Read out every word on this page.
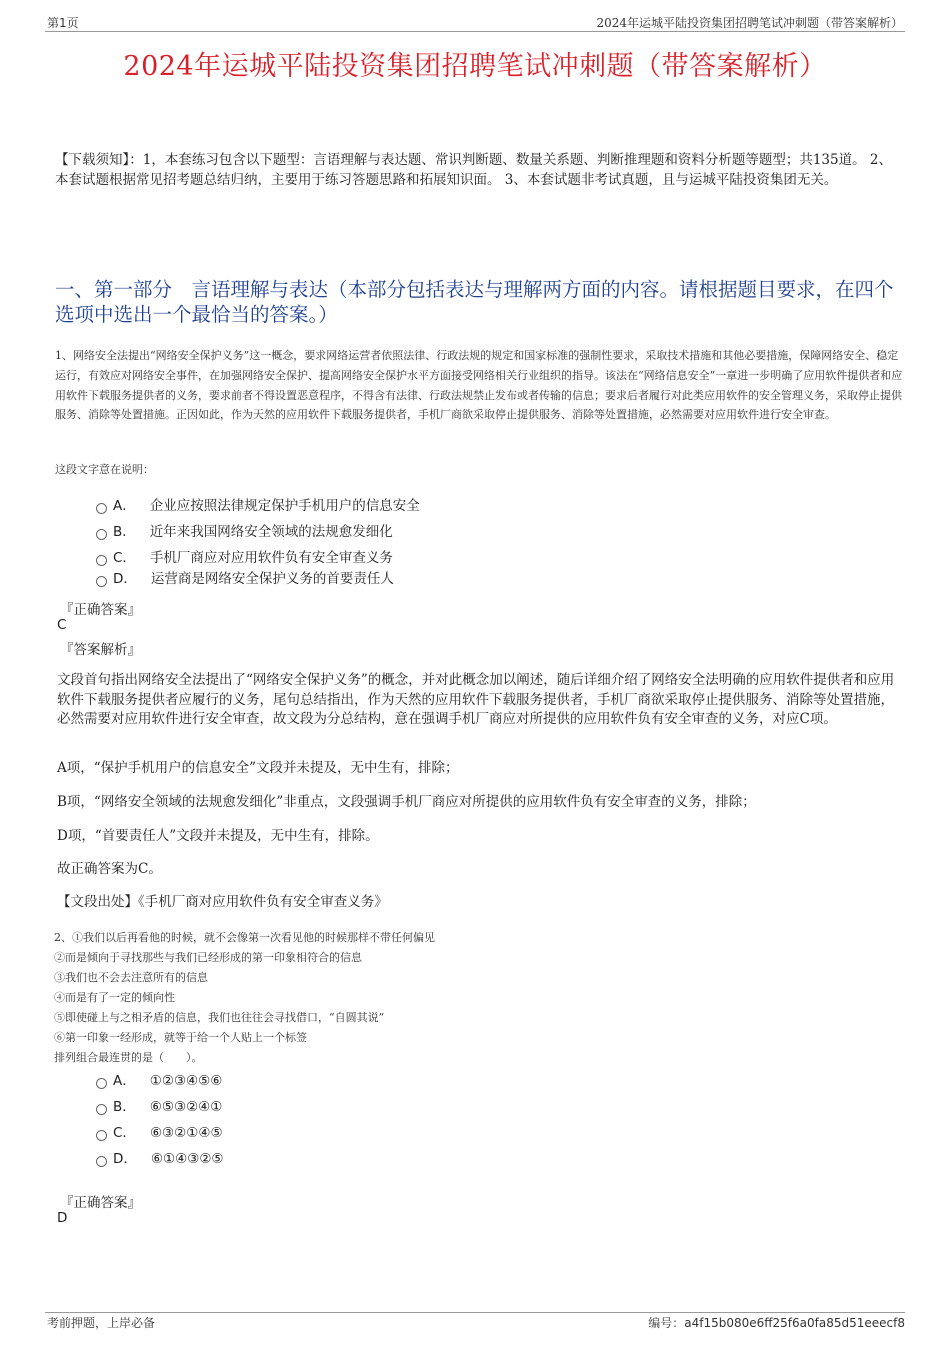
第1页	2024年运城平陆投资集团招聘笔试冲刺题（带答案解析）
2024年运城平陆投资集团招聘笔试冲刺题（带答案解析）
【下载须知】：1，本套练习包含以下题型：言语理解与表达题、常识判断题、数量关系题、判断推理题和资料分析题等题型；共135道。 2、本套试题根据常见招考题总结归纳，主要用于练习答题思路和拓展知识面。 3、本套试题非考试真题，且与运城平陆投资集团无关。
一、第一部分　言语理解与表达（本部分包括表达与理解两方面的内容。请根据题目要求，在四个选项中选出一个最恰当的答案。）
1、网络安全法提出“网络安全保护义务”这一概念，要求网络运营者依照法律、行政法规的规定和国家标准的强制性要求，采取技术措施和其他必要措施，保障网络安全、稳定运行，有效应对网络安全事件，在加强网络安全保护、提高网络安全保护水平方面接受网络相关行业组织的指导。该法在“网络信息安全”一章进一步明确了应用软件提供者和应用软件下载服务提供者的义务，要求前者不得设置恶意程序，不得含有法律、行政法规禁止发布或者传输的信息；要求后者履行对此类应用软件的安全管理义务，采取停止提供服务、消除等处置措施。正因如此，作为天然的应用软件下载服务提供者，手机厂商欲采取停止提供服务、消除等处置措施，必然需要对应用软件进行安全审查。
这段文字意在说明：
A． 企业应按照法律规定保护手机用户的信息安全
B． 近年来我国网络安全领域的法规愈发细化
C． 手机厂商应对应用软件负有安全审查义务
D． 运营商是网络安全保护义务的首要责任人
『正确答案』
C
『答案解析』
文段首句指出网络安全法提出了“网络安全保护义务”的概念，并对此概念加以阐述，随后详细介绍了网络安全法明确的应用软件提供者和应用软件下载服务提供者应履行的义务，尾句总结指出，作为天然的应用软件下载服务提供者，手机厂商欲采取停止提供服务、消除等处置措施，必然需要对应用软件进行安全审查，故文段为分总结构，意在强调手机厂商应对所提供的应用软件负有安全审查的义务，对应C项。
A项，“保护手机用户的信息安全”文段并未提及，无中生有，排除；
B项，“网络安全领域的法规愈发细化”非重点，文段强调手机厂商应对所提供的应用软件负有安全审查的义务，排除；
D项，“首要责任人”文段并未提及，无中生有，排除。
故正确答案为C。
【文段出处】《手机厂商对应用软件负有安全审查义务》
2、①我们以后再看他的时候，就不会像第一次看见他的时候那样不带任何偏见
②而是倾向于寻找那些与我们已经形成的第一印象相符合的信息
③我们也不会去注意所有的信息
④而是有了一定的倾向性
⑤即使碰上与之相矛盾的信息，我们也往往会寻找借口，“自圆其说”
⑥第一印象一经形成，就等于给一个人贴上一个标签
排列组合最连贯的是（　　）。
A． ①②③④⑤⑥
B． ⑥⑤③②④①
C． ⑥③②①④⑤
D． ⑥①④③②⑤
『正确答案』
D
考前押题，上岸必备	编号：a4f15b080e6ff25f6a0fa85d51eeecf8
